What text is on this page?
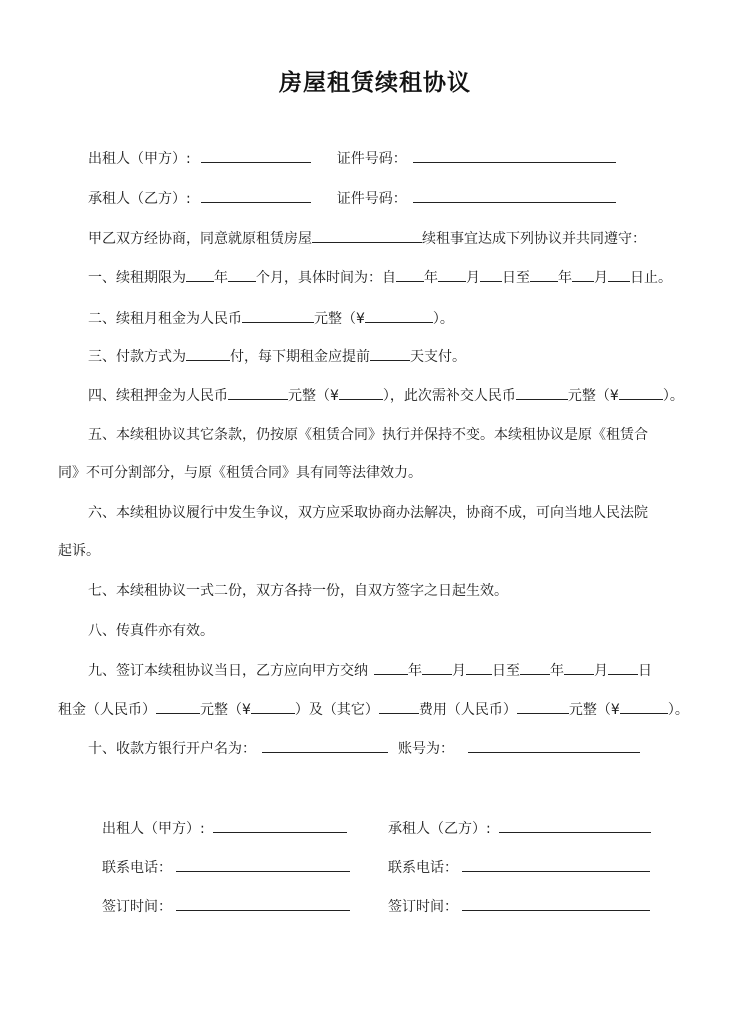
房屋租赁续租协议
出租人（甲方）:	证件号码：
承租人（乙方）:	证件号码：
甲乙双方经协商，同意就原租赁房屋	续租事宜达成下列协议并共同遵守：
一、续租期限为 年 个月，具体时间为：自 年 月 日至 年 月 日止。
二、续租月租金为人民币	元整（¥	）。
三、付款方式为	付，每下期租金应提前	天支付。
四、续租押金为人民币	元整（¥	），此次需补交人民币	元整（¥	）。
五、本续租协议其它条款，仍按原《租赁合同》执行并保持不变。本续租协议是原《租赁合
同》不可分割部分，与原《租赁合同》具有同等法律效力。
六、本续租协议履行中发生争议，双方应采取协商办法解决，协商不成，可向当地人民法院
起诉。
七、本续租协议一式二份，双方各持一份，自双方签字之日起生效。
八、传真件亦有效。
九、签订本续租协议当日，乙方应向甲方交纳	年 月 日至 年 月 日
租金（人民币）	元整（¥	）及（其它）	费用（人民币）	元整（¥	）。
十、收款方银行开户名为：	账号为：
出租人（甲方）:	承租人（乙方）:
联系电话：	联系电话：
签订时间：	签订时间：
